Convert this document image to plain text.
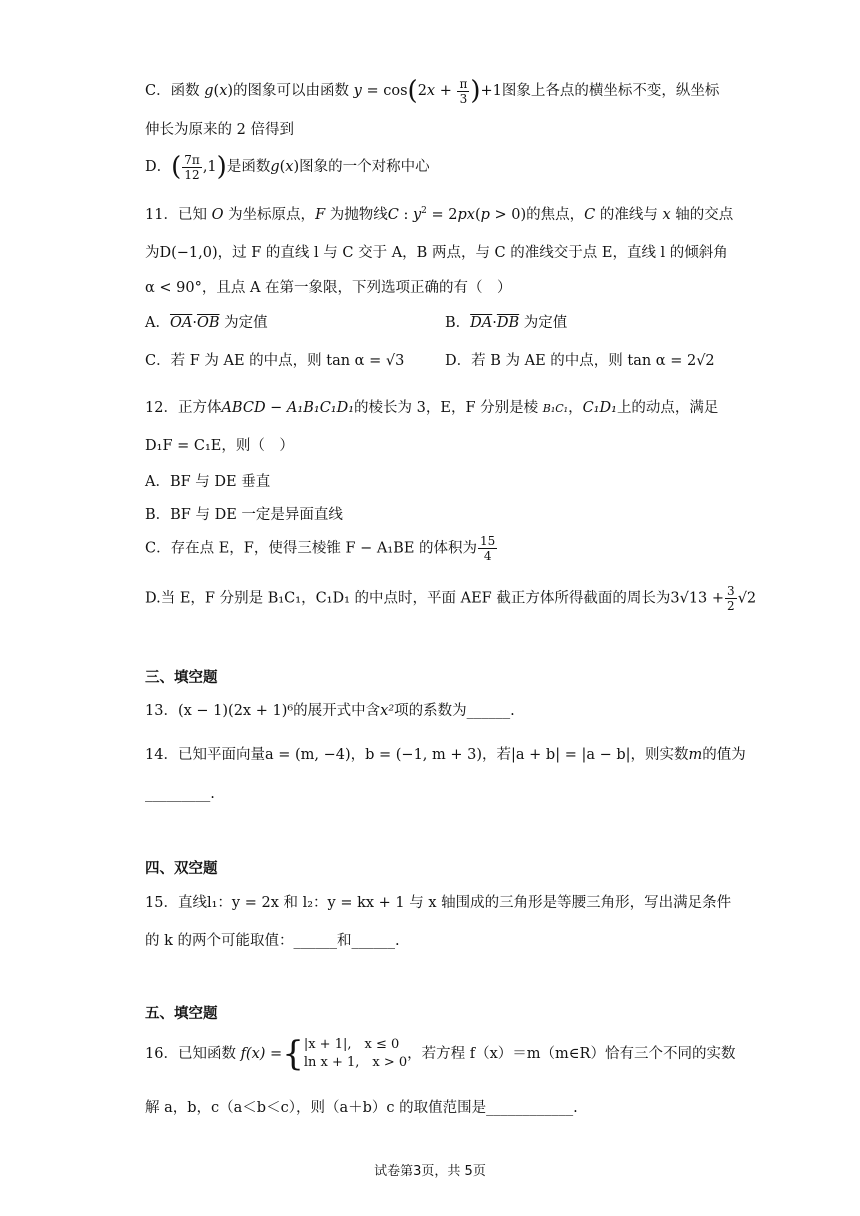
C．函数 g(x)的图象可以由函数 $y = \cos(2x + \frac{\pi}{3} )+1$图象上各点的横坐标不变，纵坐标
伸长为原来的 2 倍得到
D．( $\frac{7\pi}{12} ,1$)是函数g(x)图象的一个对称中心
11．已知 O 为坐标原点，F 为抛物线C : $y^2 = 2px(p > 0)$的焦点，C 的准线与 x 轴的交点
为D(−1,0)，过 F 的直线 l 与 C 交于 A，B 两点，与 C 的准线交于点 E，直线 l 的倾斜角
α < 90°，且点 A 在第一象限，下列选项正确的有（　）
A．$\overline{OA}\cdot\overline{OB}$ 为定值	B．$\overline{DA}\cdot\overline{DB}$ 为定值
C．若 F 为 AE 的中点，则 tan α = √3	D．若 B 为 AE 的中点，则 tan α = 2√2
12．正方体ABCD − A₁B₁C₁D₁的棱长为 3，E，F 分别是棱 B₁C₁，C₁D₁上的动点，满足
D₁F = C₁E，则（　）
A．BF 与 DE 垂直
B．BF 与 DE 一定是异面直线
C．存在点 E，F，使得三棱锥 F − A₁BE 的体积为 $\frac{15}{4}$
D.当 E，F 分别是 B₁C₁，C₁D₁ 的中点时，平面 AEF 截正方体所得截面的周长为$3√13 + \frac{3}{2} √2$
三、填空题
13．(x − 1)(2x + 1)⁶的展开式中含x²项的系数为______.
14．已知平面向量a = (m, −4)，b = (−1, m + 3)，若|a + b| = |a − b|，则实数m的值为
_________.
四、双空题
15．直线l₁：y = 2x 和 l₂：y = kx + 1 与 x 轴围成的三角形是等腰三角形，写出满足条件
的 k 的两个可能取值：______和______.
五、填空题
16．已知函数 f(x) ={ |x + 1|,　x ≤ 0
ln x + 1,　x > 0
，若方程 f（x）＝m（m∈R）恰有三个不同的实数
解 a，b，c（a＜b＜c），则（a＋b）c 的取值范围是____________.
试卷第3页，共 5页
